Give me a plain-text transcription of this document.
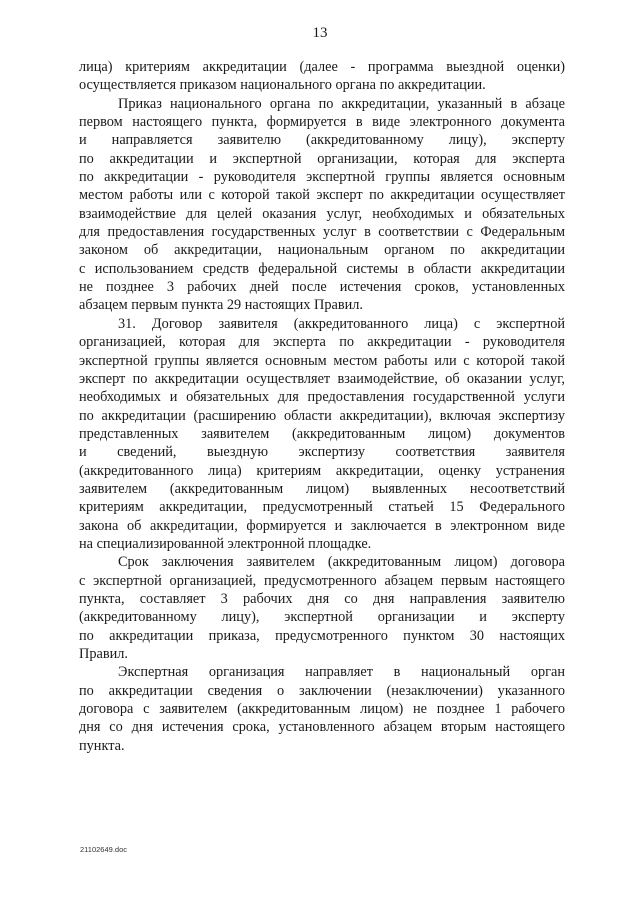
13
лица) критериям аккредитации (далее - программа выездной оценки)
осуществляется приказом национального органа по аккредитации.
Приказ национального органа по аккредитации, указанный в абзаце
первом настоящего пункта, формируется в виде электронного документа
и направляется заявителю (аккредитованному лицу), эксперту
по аккредитации и экспертной организации, которая для эксперта
по аккредитации - руководителя экспертной группы является основным
местом работы или с которой такой эксперт по аккредитации осуществляет
взаимодействие для целей оказания услуг, необходимых и обязательных
для предоставления государственных услуг в соответствии с Федеральным
законом об аккредитации, национальным органом по аккредитации
с использованием средств федеральной системы в области аккредитации
не позднее 3 рабочих дней после истечения сроков, установленных
абзацем первым пункта 29 настоящих Правил.
31. Договор заявителя (аккредитованного лица) с экспертной
организацией, которая для эксперта по аккредитации - руководителя
экспертной группы является основным местом работы или с которой такой
эксперт по аккредитации осуществляет взаимодействие, об оказании услуг,
необходимых и обязательных для предоставления государственной услуги
по аккредитации (расширению области аккредитации), включая экспертизу
представленных заявителем (аккредитованным лицом) документов
и сведений, выездную экспертизу соответствия заявителя
(аккредитованного лица) критериям аккредитации, оценку устранения
заявителем (аккредитованным лицом) выявленных несоответствий
критериям аккредитации, предусмотренный статьей 15 Федерального
закона об аккредитации, формируется и заключается в электронном виде
на специализированной электронной площадке.
Срок заключения заявителем (аккредитованным лицом) договора
с экспертной организацией, предусмотренного абзацем первым настоящего
пункта, составляет 3 рабочих дня со дня направления заявителю
(аккредитованному лицу), экспертной организации и эксперту
по аккредитации приказа, предусмотренного пунктом 30 настоящих
Правил.
Экспертная организация направляет в национальный орган
по аккредитации сведения о заключении (незаключении) указанного
договора с заявителем (аккредитованным лицом) не позднее 1 рабочего
дня со дня истечения срока, установленного абзацем вторым настоящего
пункта.
21102649.doc
